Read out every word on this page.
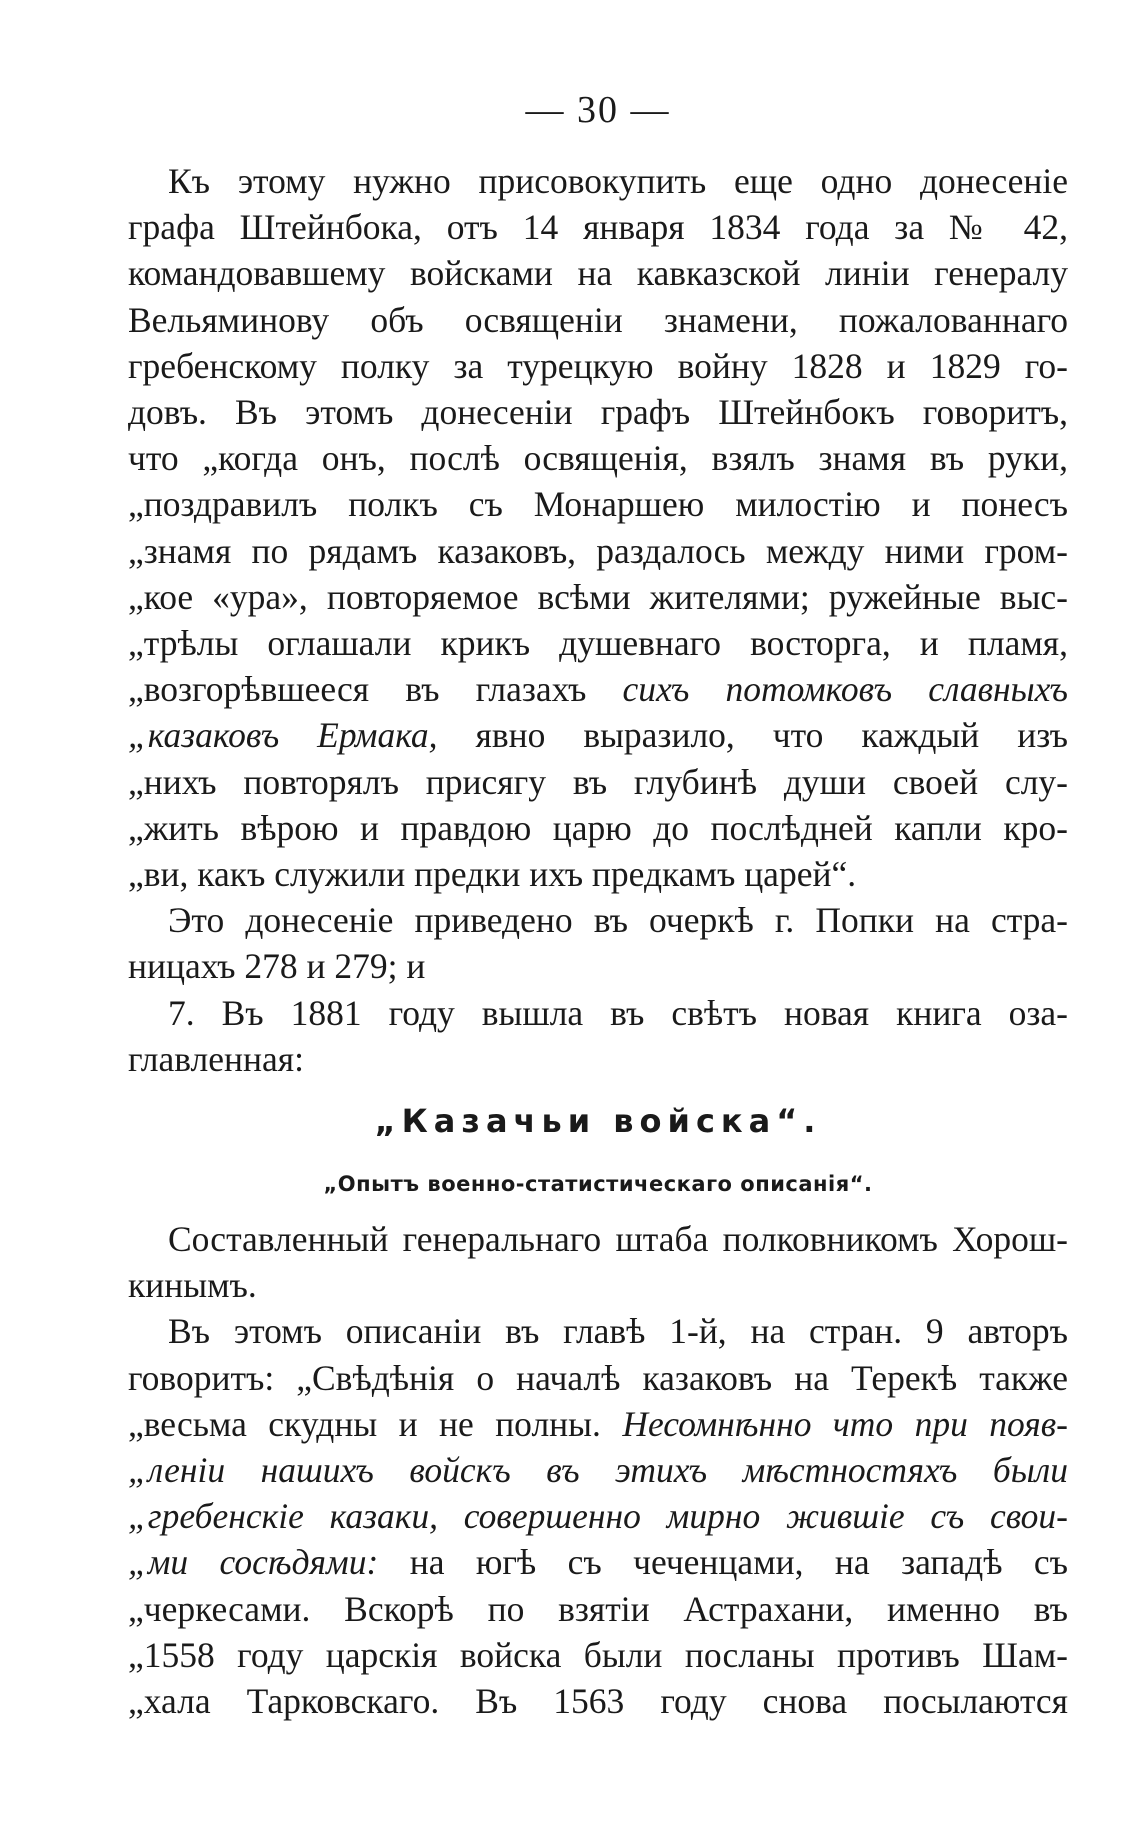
— 30 —

Къ этому нужно присовокупить еще одно донесеніе
графа Штейнбока, отъ 14 января 1834 года за № 42,
командовавшему войсками на кавказской линіи генералу
Вельяминову объ освященіи знамени, пожалованнаго
гребенскому полку за турецкую войну 1828 и 1829 го-
довъ. Въ этомъ донесеніи графъ Штейнбокъ говоритъ,
что „когда онъ, послѣ освященія, взялъ знамя въ руки,
„поздравилъ полкъ съ Монаршею милостію и понесъ
„знамя по рядамъ казаковъ, раздалось между ними гром-
„кое «ура», повторяемое всѣми жителями; ружейные выс-
„трѣлы оглашали крикъ душевнаго восторга, и пламя,
„возгорѣвшееся въ глазахъ сихъ потомковъ славныхъ
„казаковъ Ермака, явно выразило, что каждый изъ
„нихъ повторялъ присягу въ глубинѣ души своей слу-
„жить вѣрою и правдою царю до послѣдней капли кро-
„ви, какъ служили предки ихъ предкамъ царей“.

Это донесеніе приведено въ очеркѣ г. Попки на стра-
ницахъ 278 и 279; и

7. Въ 1881 году вышла въ свѣтъ новая книга оза-
главленная:

„Казачьи войска“.
„Опытъ военно-статистическаго описанія“.

Составленный генеральнаго штаба полковникомъ Хорош-
кинымъ.

Въ этомъ описаніи въ главѣ 1-й, на стран. 9 авторъ
говоритъ: „Свѣдѣнія о началѣ казаковъ на Терекѣ также
„весьма скудны и не полны. Несомнѣнно что при появ-
„леніи нашихъ войскъ въ этихъ мѣстностяхъ были
„гребенскіе казаки, совершенно мирно жившіе съ свои-
„ми сосѣдями: на югѣ съ чеченцами, на западѣ съ
„черкесами. Вскорѣ по взятіи Астрахани, именно въ
„1558 году царскія войска были посланы противъ Шам-
„хала Тарковскаго. Въ 1563 году снова посылаются
